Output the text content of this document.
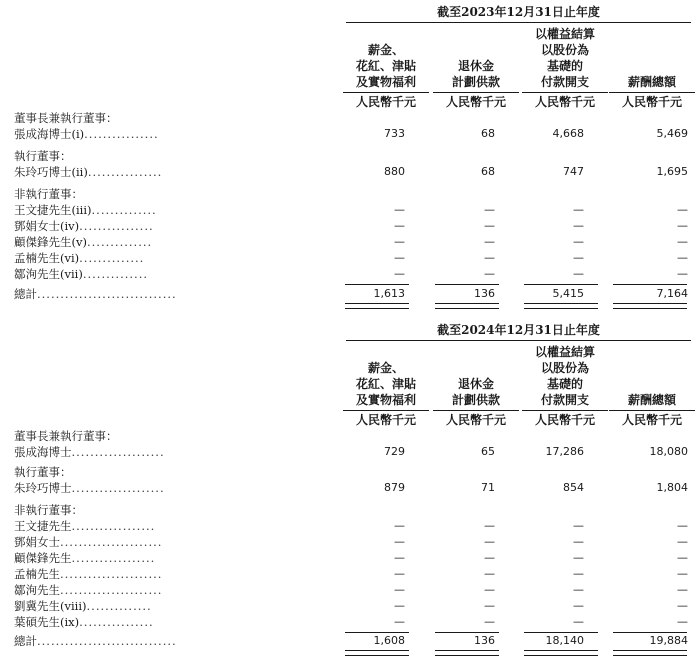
截至2023年12月31日止年度
薪金、
花紅、津貼
及實物福利
退休金
計劃供款
以權益結算
以股份為
基礎的
付款開支	薪酬總額
人民幣千元	人民幣千元	人民幣千元	人民幣千元
董事長兼執行董事：
張成海博士(i)................	733	68	4,668	5,469
執行董事：
朱玲巧博士(ii)................	880	68	747	1,695
非執行董事：
王文捷先生(iii)..............	—	—	—	—
鄧娟女士(iv)................	—	—	—	—
顧傑鋒先生(v)..............	—	—	—	—
孟楠先生(vi)..............	—	—	—	—
鄒洵先生(vii)..............	—	—	—	—
總計..............................	1,613	136	5,415	7,164
截至2024年12月31日止年度
薪金、
花紅、津貼
及實物福利
退休金
計劃供款
以權益結算
以股份為
基礎的
付款開支	薪酬總額
人民幣千元	人民幣千元	人民幣千元	人民幣千元
董事長兼執行董事：
張成海博士....................	729	65	17,286	18,080
執行董事：
朱玲巧博士....................	879	71	854	1,804
非執行董事：
王文捷先生..................	—	—	—	—
鄧娟女士......................	—	—	—	—
顧傑鋒先生..................	—	—	—	—
孟楠先生......................	—	—	—	—
鄒洵先生......................	—	—	—	—
劉冀先生(viii)..............	—	—	—	—
葉碩先生(ix)................	—	—	—	—
總計..............................	1,608	136	18,140	19,884
